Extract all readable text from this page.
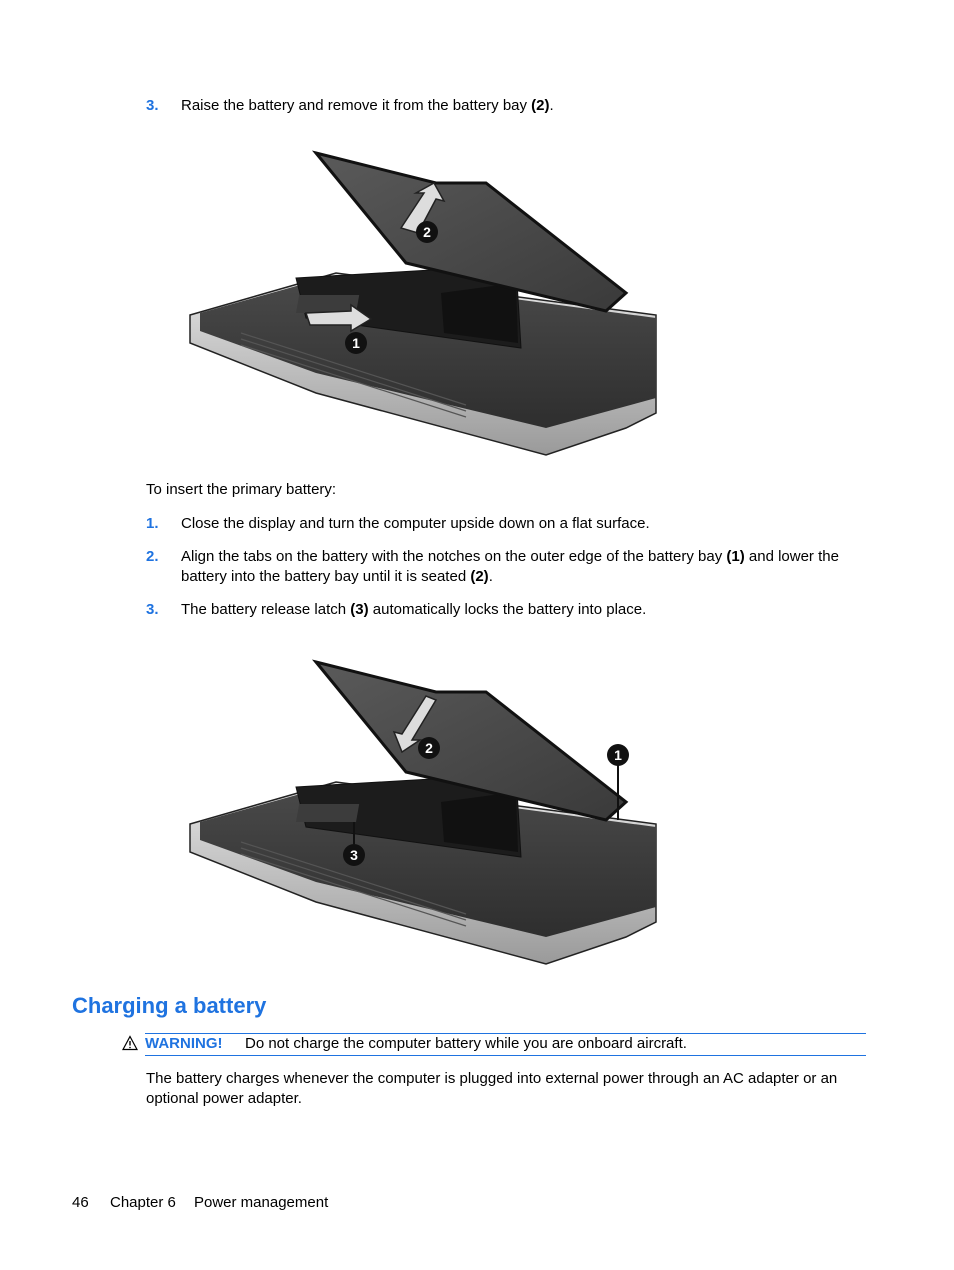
3. Raise the battery and remove it from the battery bay (2).
1
2
To insert the primary battery:
1. Close the display and turn the computer upside down on a flat surface.
2. Align the tabs on the battery with the notches on the outer edge of the battery bay (1) and lower the battery into the battery bay until it is seated (2).
3. The battery release latch (3) automatically locks the battery into place.
1
2
3
Charging a battery
WARNING! Do not charge the computer battery while you are onboard aircraft.
The battery charges whenever the computer is plugged into external power through an AC adapter or an optional power adapter.
46 Chapter 6 Power management
